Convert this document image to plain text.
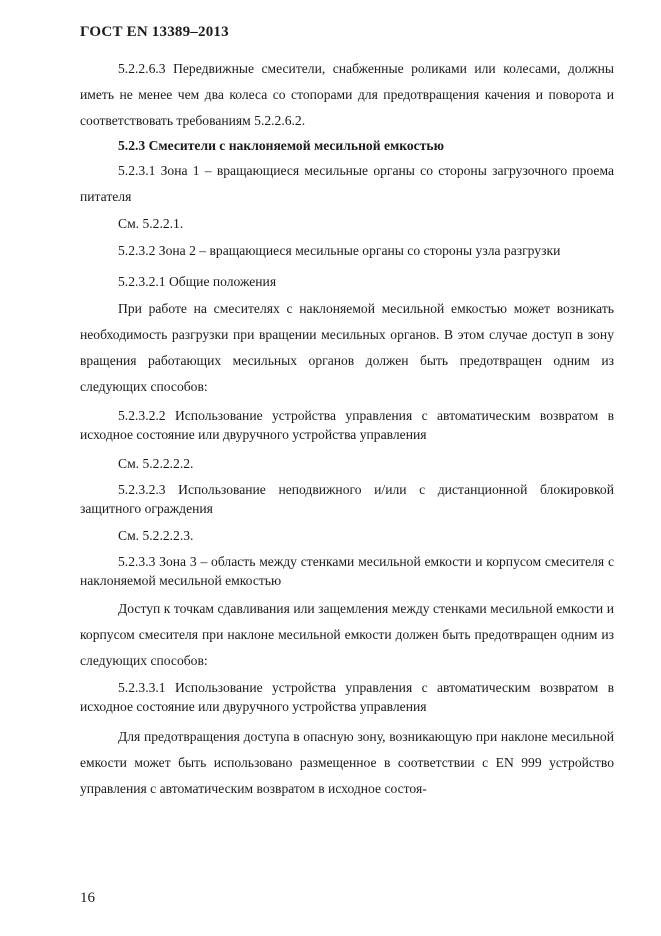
ГОСТ EN 13389–2013

5.2.2.6.3 Передвижные смесители, снабженные роликами или колесами, должны иметь не менее чем два колеса со стопорами для предотвращения качения и поворота и соответствовать требованиям 5.2.2.6.2.

5.2.3 Смесители с наклоняемой месильной емкостью

5.2.3.1 Зона 1 – вращающиеся месильные органы со стороны загрузочного проема питателя

См. 5.2.2.1.

5.2.3.2 Зона 2 – вращающиеся месильные органы со стороны узла разгрузки

5.2.3.2.1 Общие положения

При работе на смесителях с наклоняемой месильной емкостью может возникать необходимость разгрузки при вращении месильных органов. В этом случае доступ в зону вращения работающих месильных органов должен быть предотвращен одним из следующих способов:

5.2.3.2.2 Использование устройства управления с автоматическим возвратом в исходное состояние или двуручного устройства управления

См. 5.2.2.2.2.

5.2.3.2.3 Использование неподвижного и/или с дистанционной блокировкой защитного ограждения

См. 5.2.2.2.3.

5.2.3.3 Зона 3 – область между стенками месильной емкости и корпусом смесителя с наклоняемой месильной емкостью

Доступ к точкам сдавливания или защемления между стенками месильной емкости и корпусом смесителя при наклоне месильной емкости должен быть предотвращен одним из следующих способов:

5.2.3.3.1 Использование устройства управления с автоматическим возвратом в исходное состояние или двуручного устройства управления

Для предотвращения доступа в опасную зону, возникающую при наклоне месильной емкости может быть использовано размещенное в соответствии с EN 999 устройство управления с автоматическим возвратом в исходное состоя-

16
